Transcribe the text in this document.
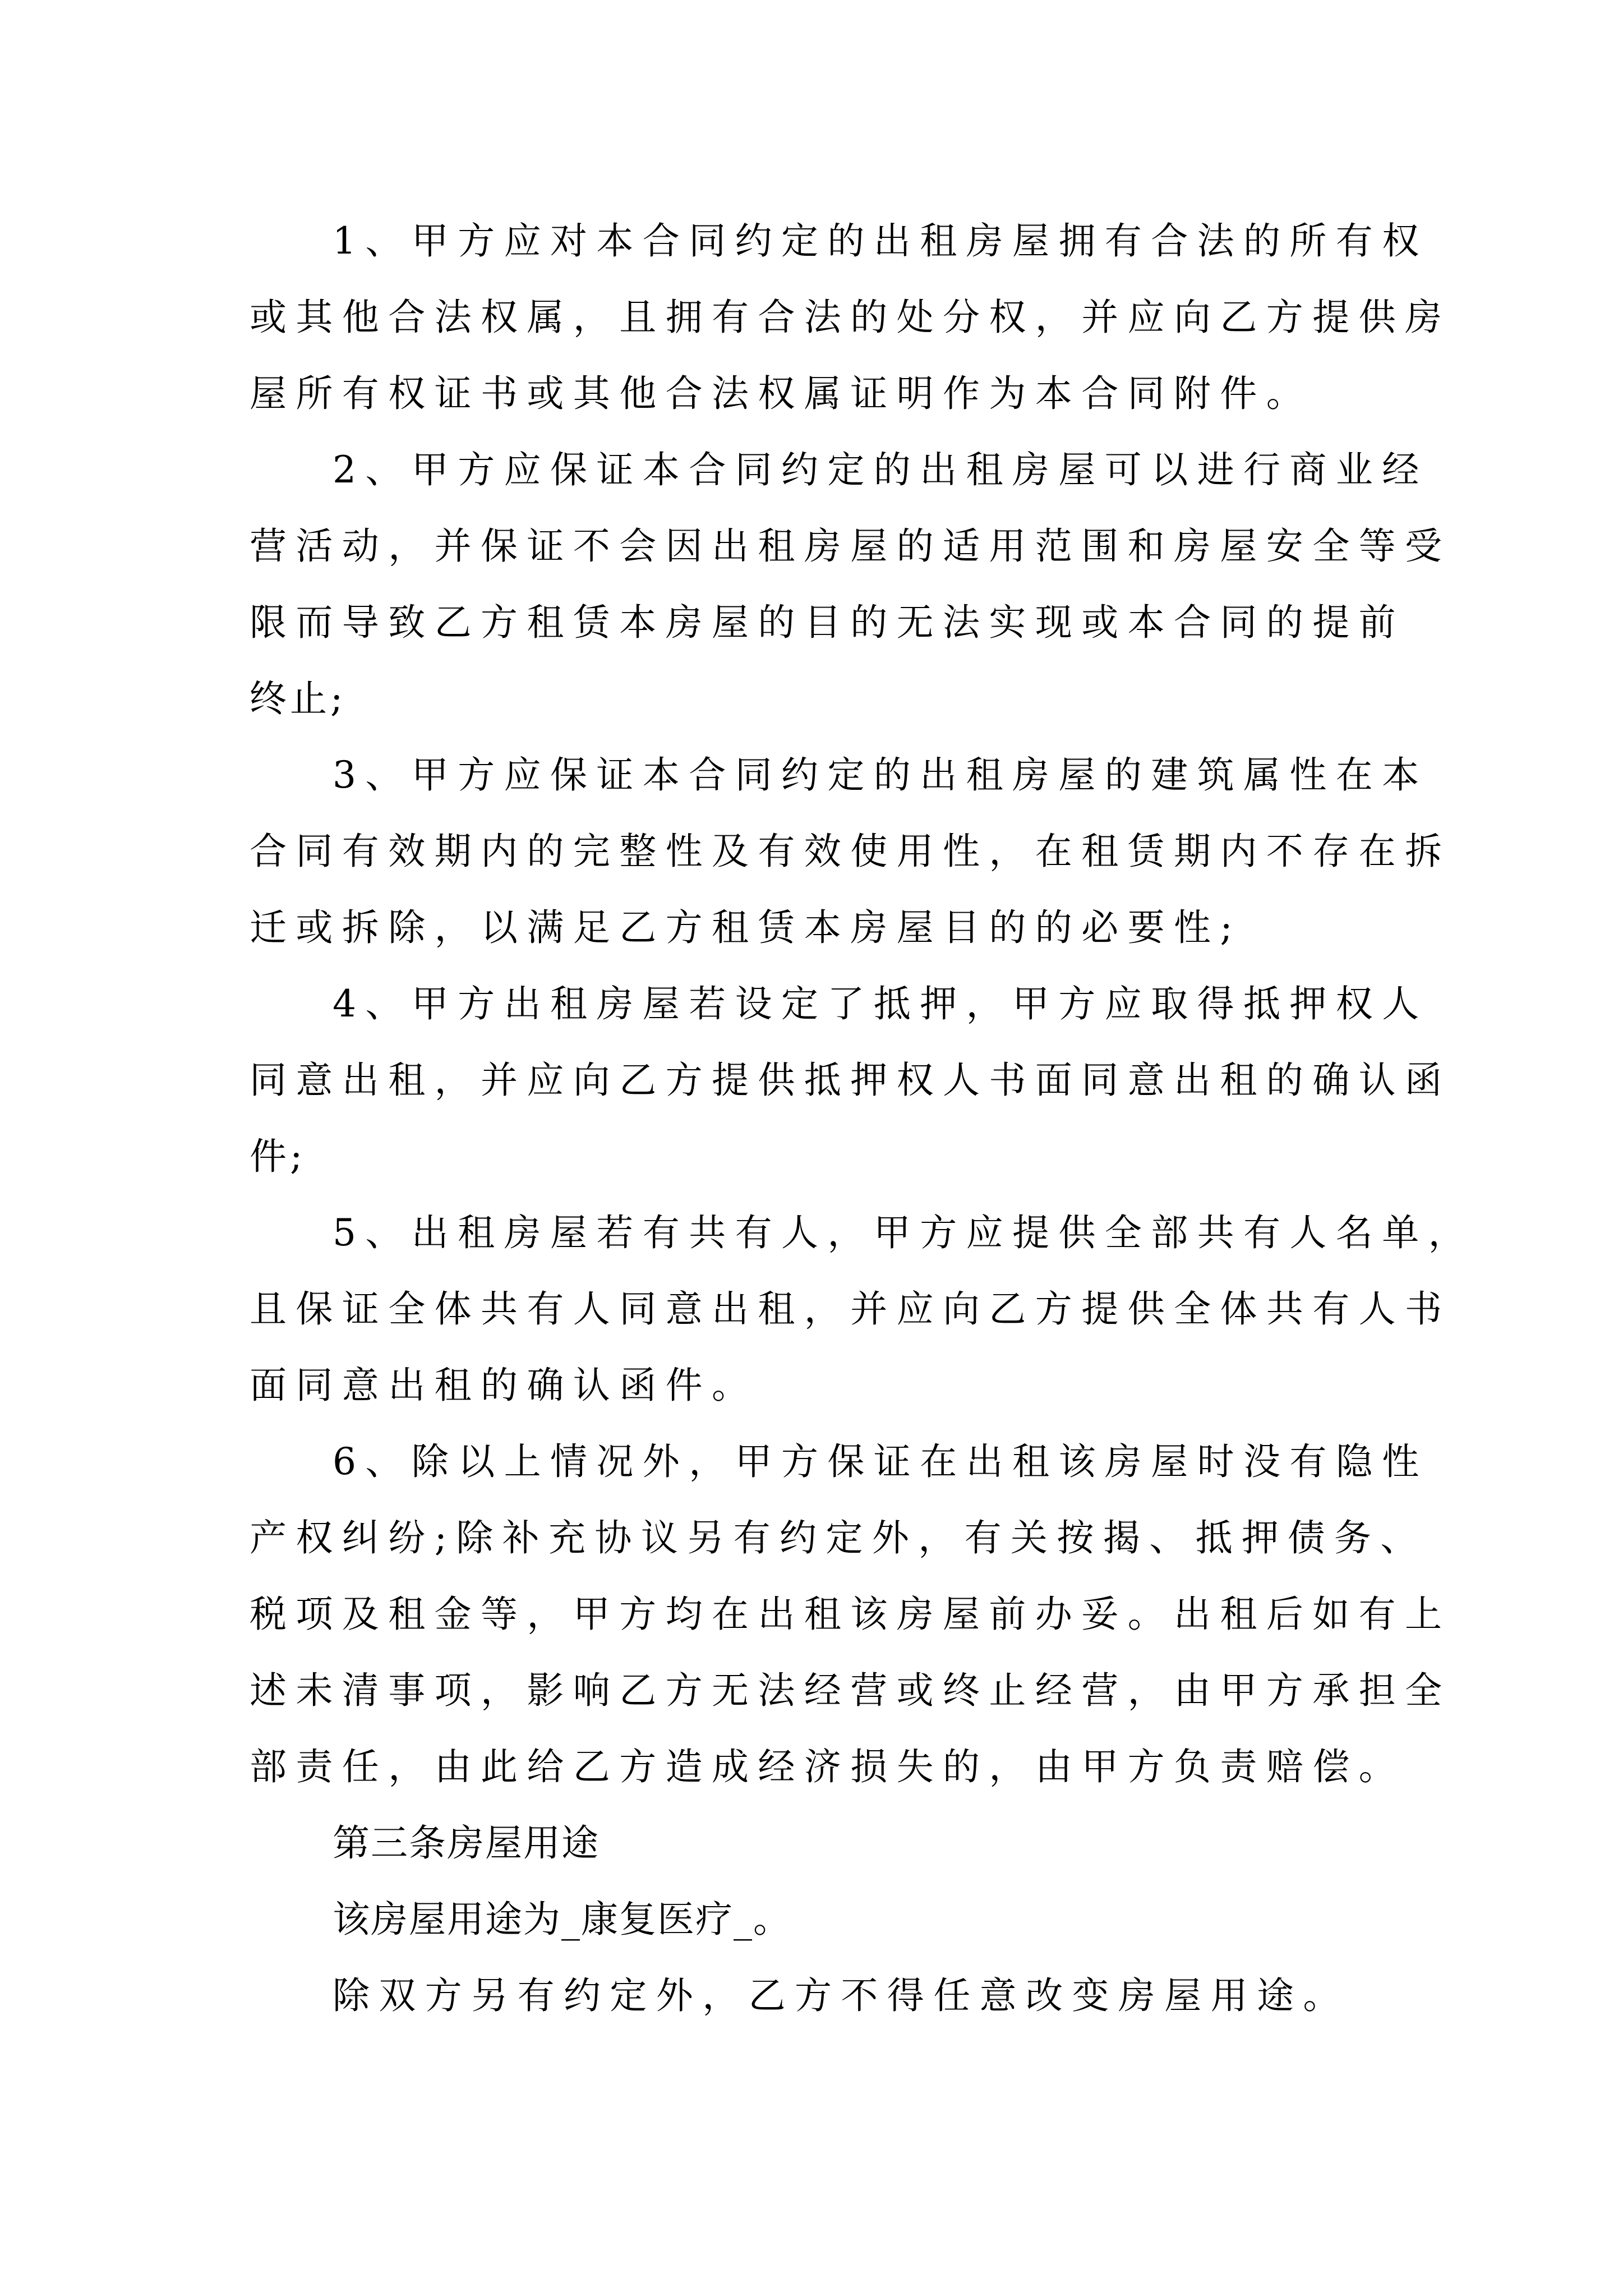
1、甲方应对本合同约定的出租房屋拥有合法的所有权
或其他合法权属，且拥有合法的处分权，并应向乙方提供房
屋所有权证书或其他合法权属证明作为本合同附件。
2、甲方应保证本合同约定的出租房屋可以进行商业经
营活动，并保证不会因出租房屋的适用范围和房屋安全等受
限而导致乙方租赁本房屋的目的无法实现或本合同的提前
终止;
3、甲方应保证本合同约定的出租房屋的建筑属性在本
合同有效期内的完整性及有效使用性，在租赁期内不存在拆
迁或拆除，以满足乙方租赁本房屋目的的必要性;
4、甲方出租房屋若设定了抵押，甲方应取得抵押权人
同意出租，并应向乙方提供抵押权人书面同意出租的确认函
件;
5、出租房屋若有共有人，甲方应提供全部共有人名单，
且保证全体共有人同意出租，并应向乙方提供全体共有人书
面同意出租的确认函件。
6、除以上情况外，甲方保证在出租该房屋时没有隐性
产权纠纷;除补充协议另有约定外，有关按揭、抵押债务、
税项及租金等，甲方均在出租该房屋前办妥。出租后如有上
述未清事项，影响乙方无法经营或终止经营，由甲方承担全
部责任，由此给乙方造成经济损失的，由甲方负责赔偿。
第三条房屋用途
该房屋用途为_康复医疗_。
除双方另有约定外，乙方不得任意改变房屋用途。
